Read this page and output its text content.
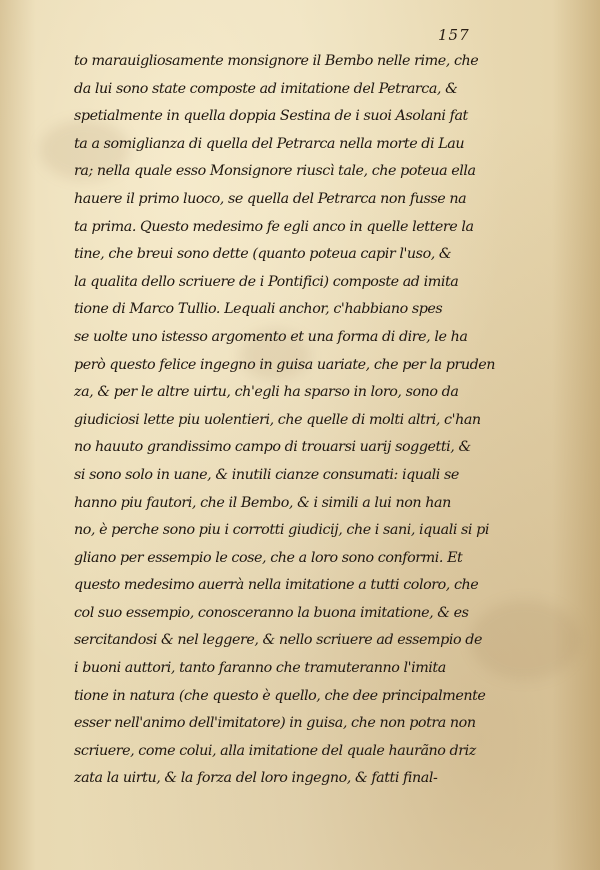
157
to marauigliosamente monsignore il Bembo nelle rime, che
da lui sono state composte ad imitatione del Petrarca, &
spetialmente in quella doppia Sestina de i suoi Asolani fat
ta a somiglianza di quella del Petrarca nella morte di Lau
ra; nella quale esso Monsignore riuscì tale, che poteua ella
hauere il primo luoco, se quella del Petrarca non fusse na
ta prima. Questo medesimo fe egli anco in quelle lettere la
tine, che breui sono dette (quanto poteua capir l'uso, &
la qualita dello scriuere de i Pontifici) composte ad imita
tione di Marco Tullio. Lequali anchor, c'habbiano spes
se uolte uno istesso argomento et una forma di dire, le ha
però questo felice ingegno in guisa uariate, che per la pruden
za, & per le altre uirtu, ch'egli ha sparso in loro, sono da
giudiciosi lette piu uolentieri, che quelle di molti altri, c'han
no hauuto grandissimo campo di trouarsi uarij soggetti, &
si sono solo in uane, & inutili cianze consumati: iquali se
hanno piu fautori, che il Bembo, & i simili a lui non han
no, è perche sono piu i corrotti giudicij, che i sani, iquali si pi
gliano per essempio le cose, che a loro sono conformi. Et
questo medesimo auerrà nella imitatione a tutti coloro, che
col suo essempio, conosceranno la buona imitatione, & es
sercitandosi & nel leggere, & nello scriuere ad essempio de
i buoni auttori, tanto faranno che tramuteranno l'imita
tione in natura (che questo è quello, che dee principalmente
esser nell'animo dell'imitatore) in guisa, che non potra non
scriuere, come colui, alla imitatione del quale haurãno driz
zata la uirtu, & la forza del loro ingegno, & fatti final-
